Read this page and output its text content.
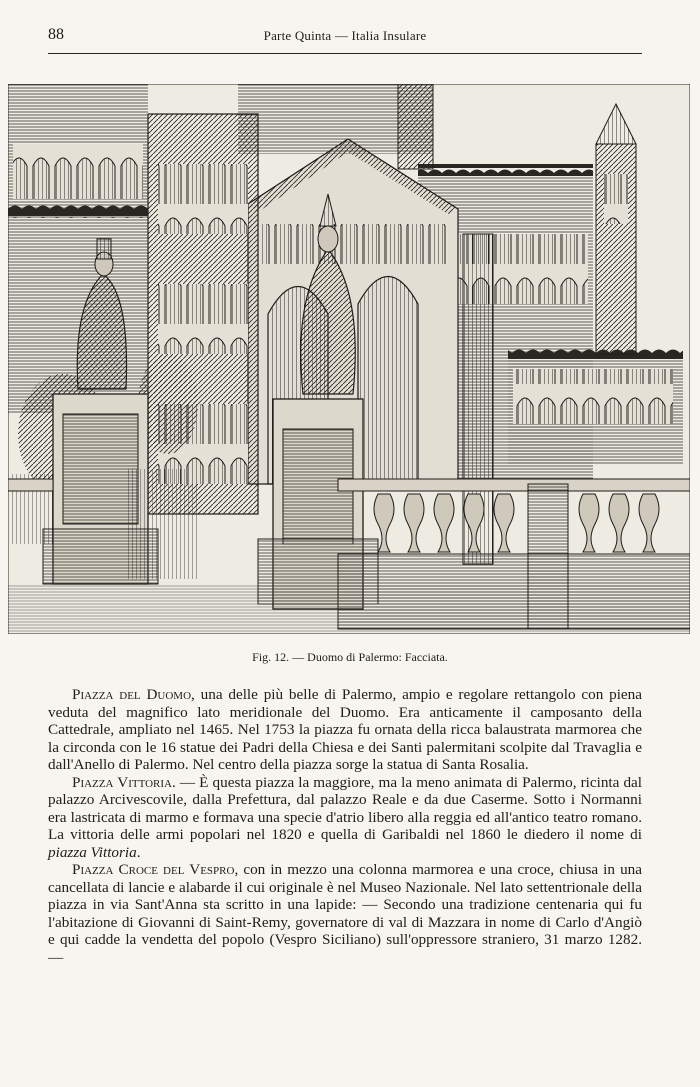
88	Parte Quinta — Italia Insulare
Fig. 12. — Duomo di Palermo: Facciata.

Piazza del Duomo, una delle più belle di Palermo, ampio e regolare rettangolo con piena veduta del magnifico lato meridionale del Duomo. Era anticamente il camposanto della Cattedrale, ampliato nel 1465. Nel 1753 la piazza fu ornata della ricca balaustrata marmorea che la circonda con le 16 statue dei Padri della Chiesa e dei Santi palermitani scolpite dal Travaglia e dall'Anello di Palermo. Nel centro della piazza sorge la statua di Santa Rosalia.

Piazza Vittoria. — È questa piazza la maggiore, ma la meno animata di Palermo, ricinta dal palazzo Arcivescovile, dalla Prefettura, dal palazzo Reale e da due Caserme. Sotto i Normanni era lastricata di marmo e formava una specie d'atrio libero alla reggia ed all'antico teatro romano. La vittoria delle armi popolari nel 1820 e quella di Garibaldi nel 1860 le diedero il nome di piazza Vittoria.

Piazza Croce del Vespro, con in mezzo una colonna marmorea e una croce, chiusa in una cancellata di lancie e alabarde il cui originale è nel Museo Nazionale. Nel lato settentrionale della piazza in via Sant'Anna sta scritto in una lapide: — Secondo una tradizione centenaria qui fu l'abitazione di Giovanni di Saint-Remy, governatore di val di Mazzara in nome di Carlo d'Angiò e qui cadde la vendetta del popolo (Vespro Siciliano) sull'oppressore straniero, 31 marzo 1282. —
